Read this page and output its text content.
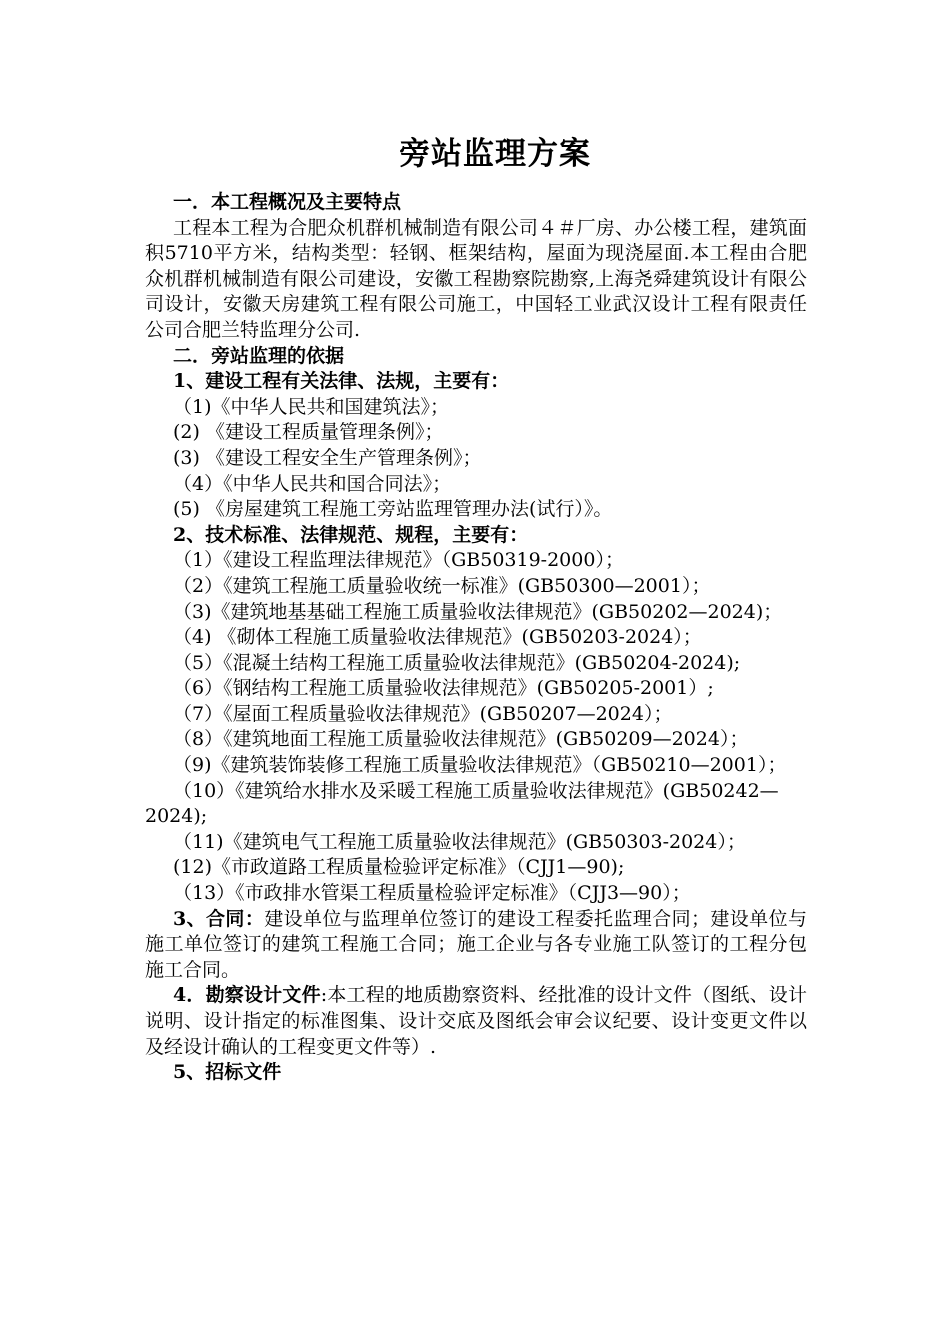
旁站监理方案

一．本工程概况及主要特点

工程本工程为合肥众机群机械制造有限公司４＃厂房、办公楼工程，建筑面积5710平方米，结构类型：轻钢、框架结构，屋面为现浇屋面.本工程由合肥众机群机械制造有限公司建设，安徽工程勘察院勘察,上海尧舜建筑设计有限公司设计，安徽天房建筑工程有限公司施工，中国轻工业武汉设计工程有限责任公司合肥兰特监理分公司.

二．旁站监理的依据

1、建设工程有关法律、法规，主要有：

（1)《中华人民共和国建筑法》；

(2) 《建设工程质量管理条例》；

(3) 《建设工程安全生产管理条例》；

（4）《中华人民共和国合同法》；

(5) 《房屋建筑工程施工旁站监理管理办法(试行）》。

2、技术标准、法律规范、规程，主要有：

（1）《建设工程监理法律规范》（GB50319-2000）；

（2）《建筑工程施工质量验收统一标准》(GB50300—2001）；

（3)《建筑地基基础工程施工质量验收法律规范》(GB50202—2024)；

（4) 《砌体工程施工质量验收法律规范》(GB50203-2024）；

（5）《混凝土结构工程施工质量验收法律规范》(GB50204-2024);

（6）《钢结构工程施工质量验收法律规范》(GB50205-2001）;

（7）《屋面工程质量验收法律规范》(GB50207—2024）；

（8）《建筑地面工程施工质量验收法律规范》(GB50209—2024）；

（9)《建筑装饰装修工程施工质量验收法律规范》（GB50210—2001）；

（10）《建筑给水排水及采暖工程施工质量验收法律规范》(GB50242—2024);

（11)《建筑电气工程施工质量验收法律规范》(GB50303-2024）；

(12)《市政道路工程质量检验评定标准》（CJJ1—90);

（13）《市政排水管渠工程质量检验评定标准》（CJJ3—90）；

3、合同：建设单位与监理单位签订的建设工程委托监理合同；建设单位与施工单位签订的建筑工程施工合同；施工企业与各专业施工队签订的工程分包施工合同。

4．勘察设计文件:本工程的地质勘察资料、经批准的设计文件（图纸、设计说明、设计指定的标准图集、设计交底及图纸会审会议纪要、设计变更文件以及经设计确认的工程变更文件等）.

5、招标文件
